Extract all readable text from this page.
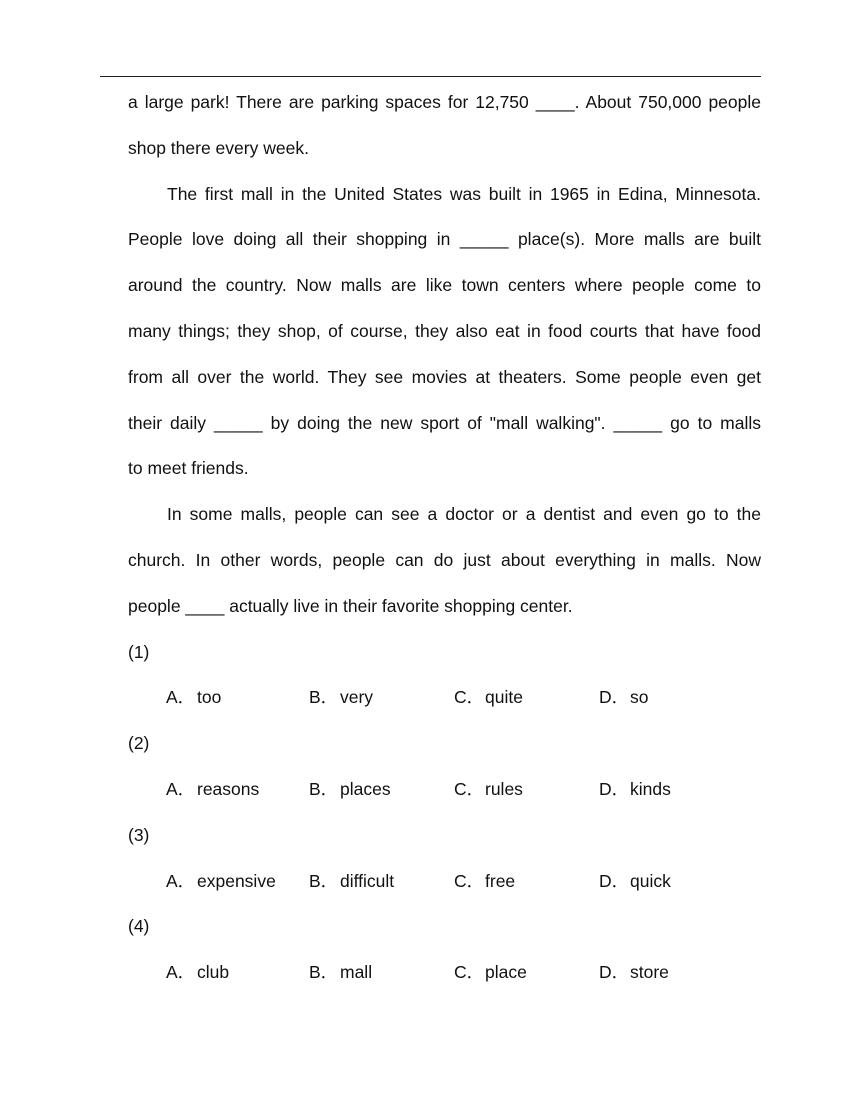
a large park! There are parking spaces for 12,750 ____. About 750,000 people
shop there every week.
The first mall in the United States was built in 1965 in Edina, Minnesota.
People love doing all their shopping in _____ place(s). More malls are built
around the country. Now malls are like town centers where people come to
many things; they shop, of course, they also eat in food courts that have food
from all over the world. They see movies at theaters. Some people even get
their daily _____ by doing the new sport of "mall walking". _____ go to malls
to meet friends.
In some malls, people can see a doctor or a dentist and even go to the
church. In other words, people can do just about everything in malls. Now
people ____ actually live in their favorite shopping center.
(1)
A． too	B． very	C．quite	D．so
(2)
A． reasons	B． places	C．rules	D．kinds
(3)
A． expensive B． difficult	C．free	D．quick
(4)
A． club	B． mall	C．place	D．store
